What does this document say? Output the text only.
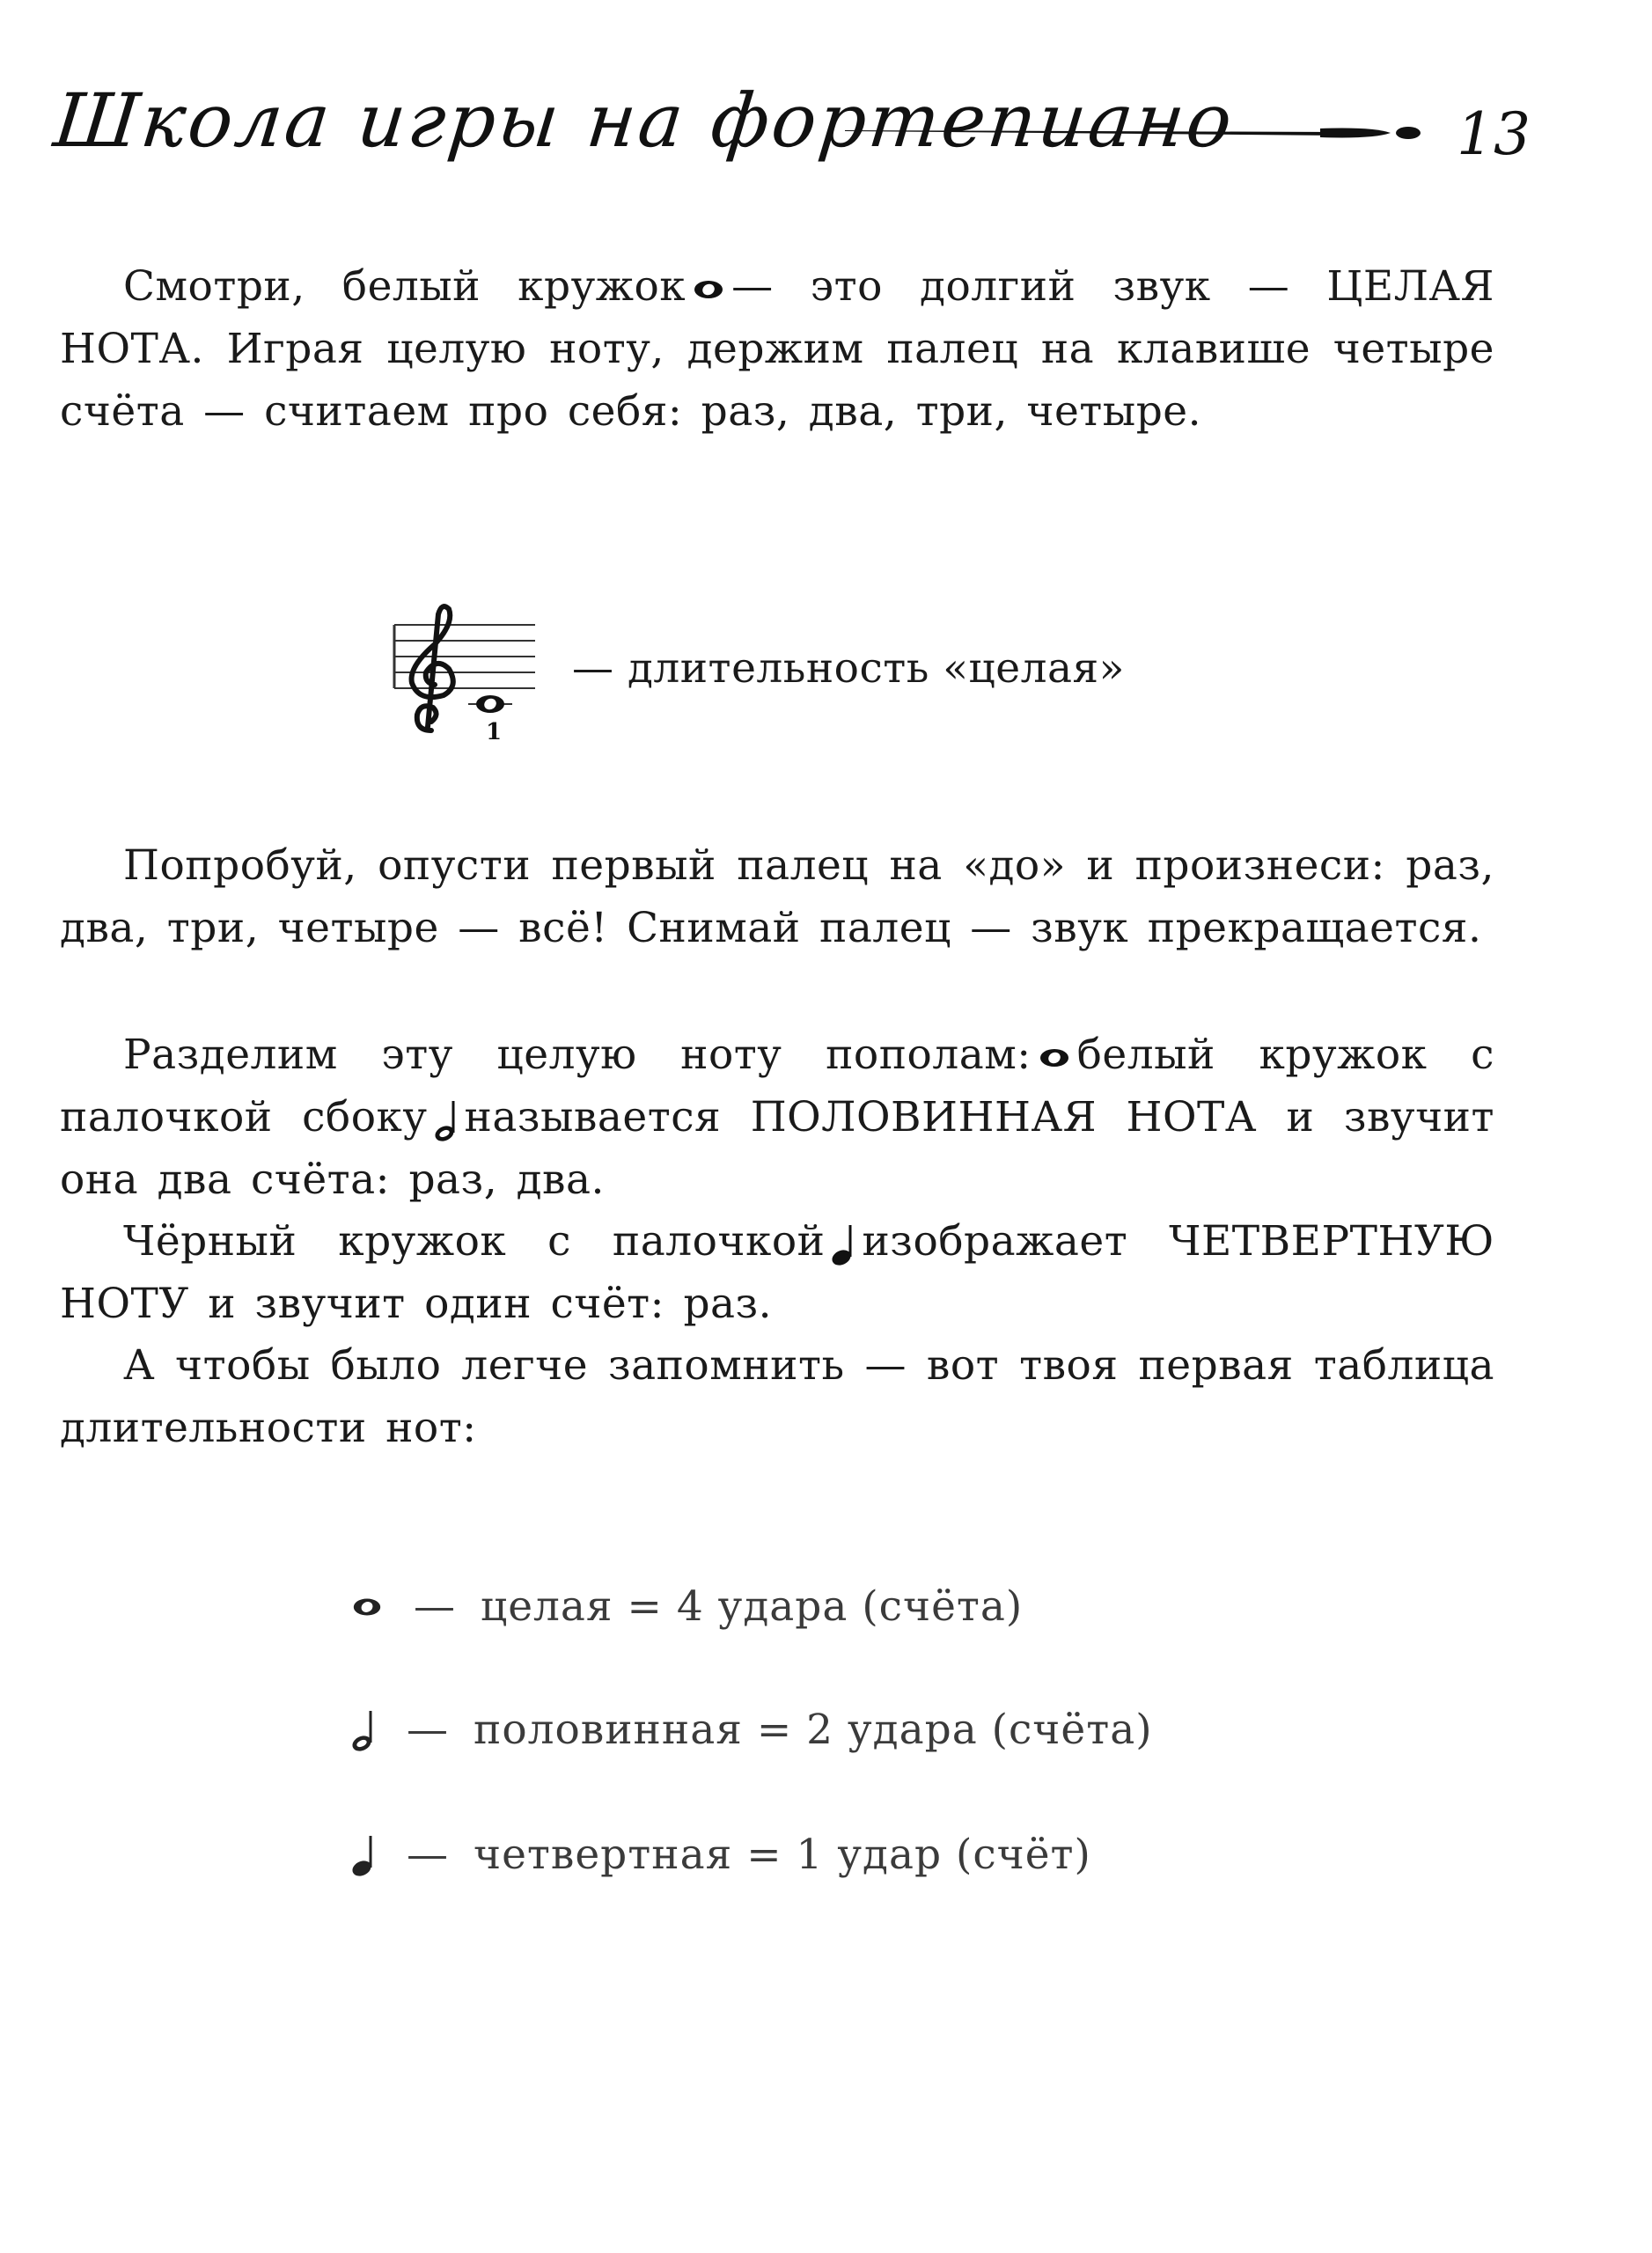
Школа игры на фортепиано	13
Смотри, белый кружок — это долгий звук — ЦЕЛАЯ НОТА. Играя целую ноту, держим палец на клавише четыре счёта — считаем про себя: раз, два, три, четыре.
1
— длительность «целая»
Попробуй, опусти первый палец на «до» и произнеси: раз, два, три, четыре — всё! Снимай палец — звук прекращается.
Разделим эту целую ноту пополам: белый кружок с палочкой сбоку называется ПОЛОВИННАЯ НОТА и звучит она два счёта: раз, два.
Чёрный кружок с палочкой изображает ЧЕТВЕРТНУЮ НОТУ и звучит один счёт: раз.
А чтобы было легче запомнить — вот твоя первая таблица длительности нот:
— целая = 4 удара (счёта)
— половинная = 2 удара (счёта)
— четвертная = 1 удар (счёт)
